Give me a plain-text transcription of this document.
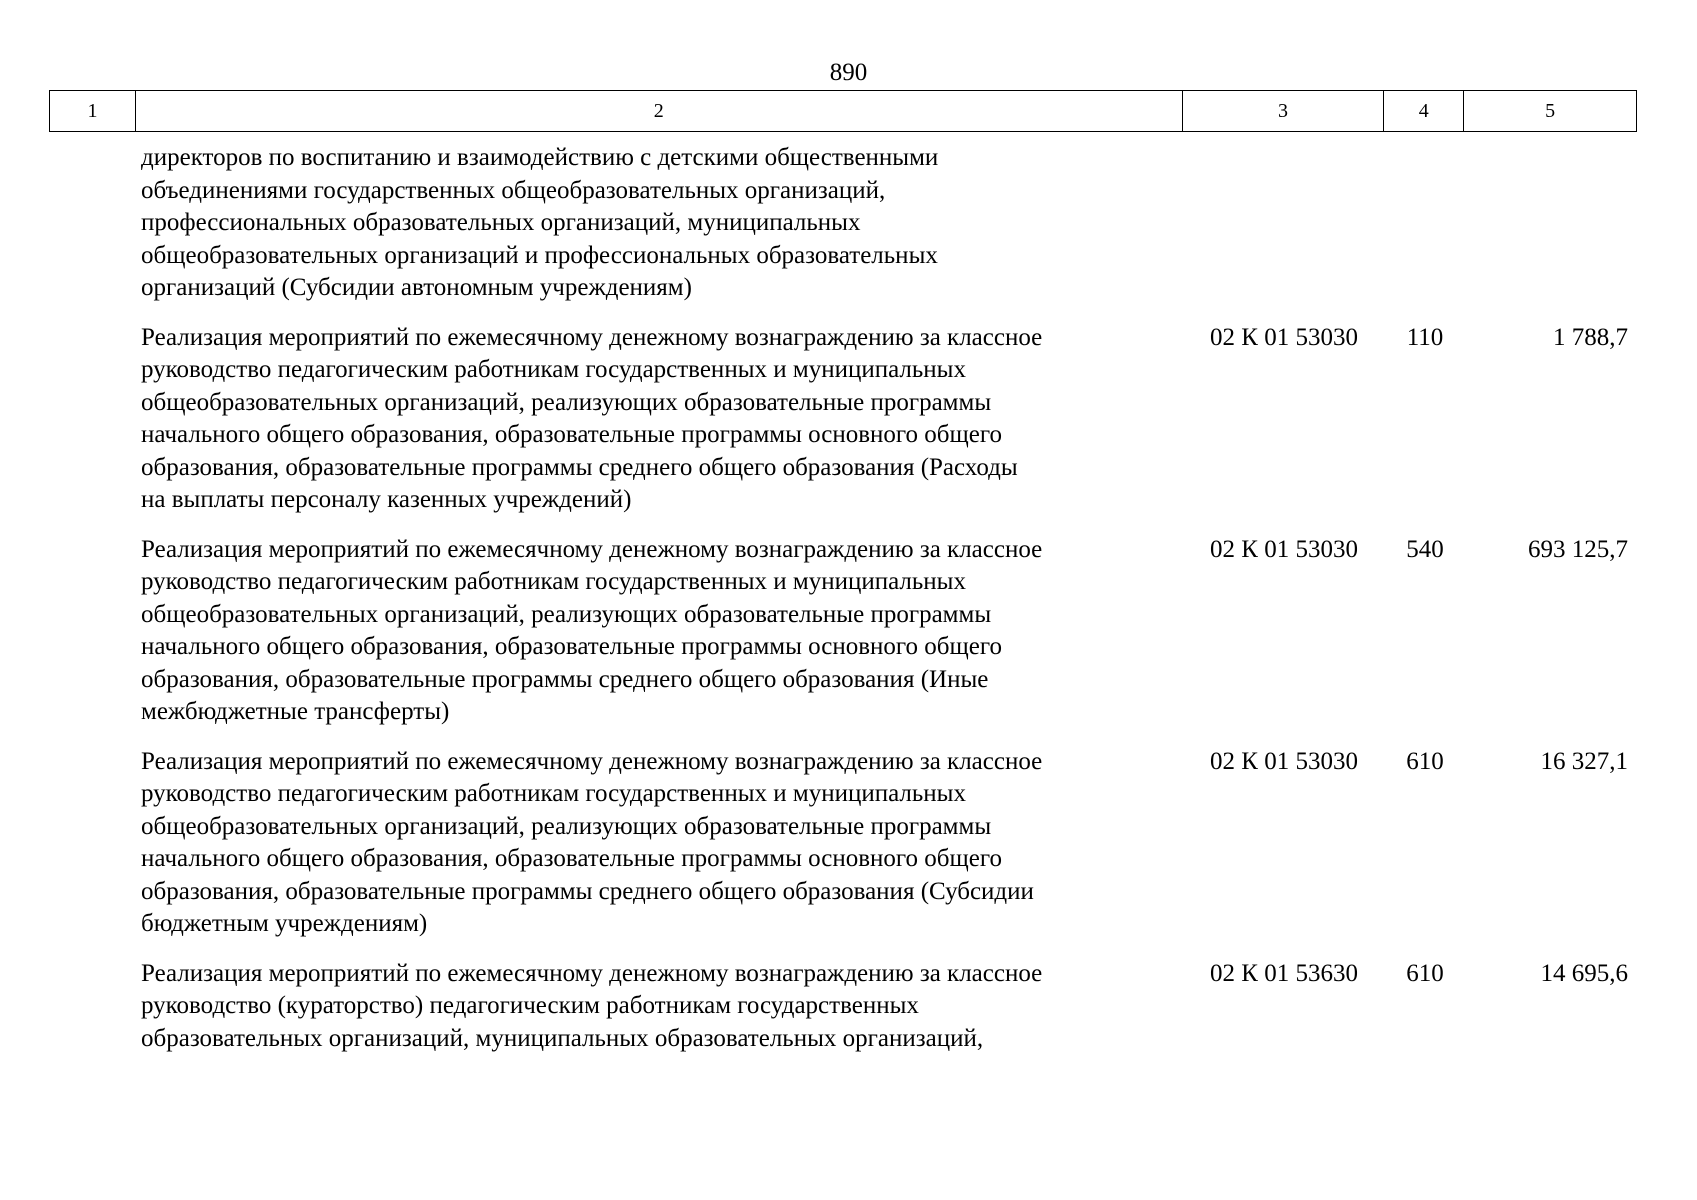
890
1	2	3	4	5
директоров по воспитанию и взаимодействию с детскими общественными
объединениями государственных общеобразовательных организаций,
профессиональных образовательных организаций, муниципальных
общеобразовательных организаций и профессиональных образовательных
организаций (Субсидии автономным учреждениям)
Реализация мероприятий по ежемесячному денежному вознаграждению за классное
руководство педагогическим работникам государственных и муниципальных
общеобразовательных организаций, реализующих образовательные программы
начального общего образования, образовательные программы основного общего
образования, образовательные программы среднего общего образования (Расходы
на выплаты персоналу казенных учреждений)
02 К 01 53030	110	1 788,7
Реализация мероприятий по ежемесячному денежному вознаграждению за классное
руководство педагогическим работникам государственных и муниципальных
общеобразовательных организаций, реализующих образовательные программы
начального общего образования, образовательные программы основного общего
образования, образовательные программы среднего общего образования (Иные
межбюджетные трансферты)
02 К 01 53030	540	693 125,7
Реализация мероприятий по ежемесячному денежному вознаграждению за классное
руководство педагогическим работникам государственных и муниципальных
общеобразовательных организаций, реализующих образовательные программы
начального общего образования, образовательные программы основного общего
образования, образовательные программы среднего общего образования (Субсидии
бюджетным учреждениям)
02 К 01 53030	610	16 327,1
Реализация мероприятий по ежемесячному денежному вознаграждению за классное
руководство (кураторство) педагогическим работникам государственных
образовательных организаций, муниципальных образовательных организаций,
02 К 01 53630	610	14 695,6
